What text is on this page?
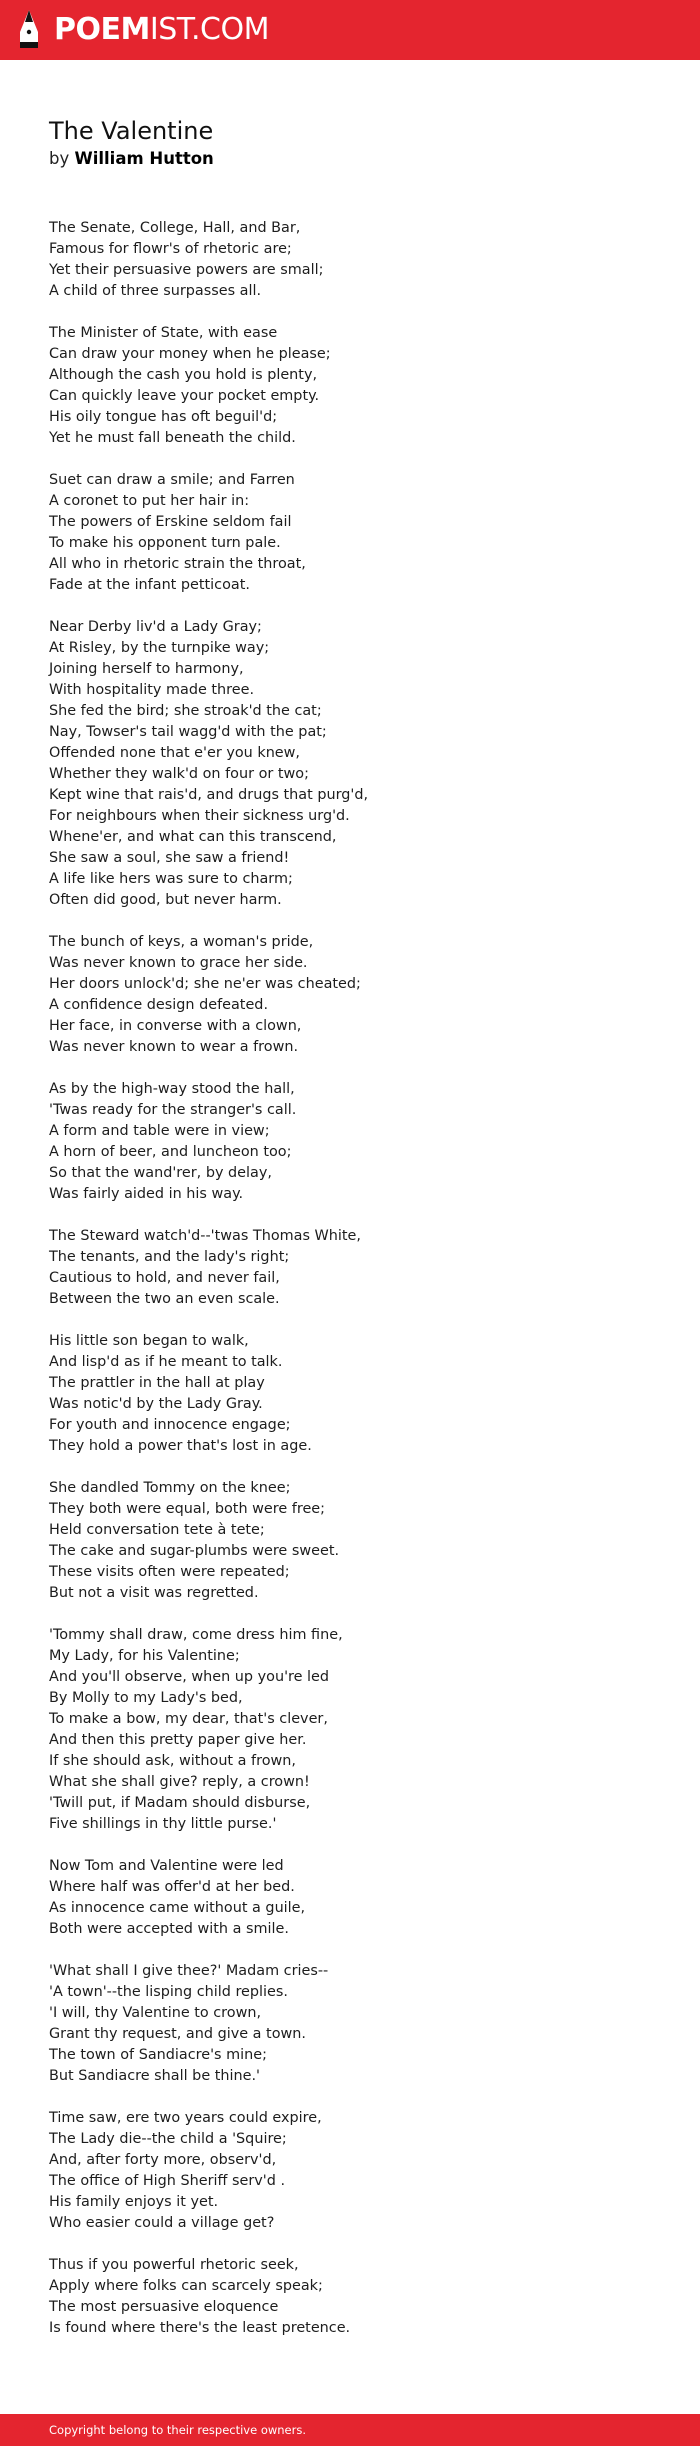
POEMIST.COM
The Valentine
by William Hutton
The Senate, College, Hall, and Bar,
Famous for flowr's of rhetoric are;
Yet their persuasive powers are small;
A child of three surpasses all.
The Minister of State, with ease
Can draw your money when he please;
Although the cash you hold is plenty,
Can quickly leave your pocket empty.
His oily tongue has oft beguil'd;
Yet he must fall beneath the child.
Suet can draw a smile; and Farren
A coronet to put her hair in:
The powers of Erskine seldom fail
To make his opponent turn pale.
All who in rhetoric strain the throat,
Fade at the infant petticoat.
Near Derby liv'd a Lady Gray;
At Risley, by the turnpike way;
Joining herself to harmony,
With hospitality made three.
She fed the bird; she stroak'd the cat;
Nay, Towser's tail wagg'd with the pat;
Offended none that e'er you knew,
Whether they walk'd on four or two;
Kept wine that rais'd, and drugs that purg'd,
For neighbours when their sickness urg'd.
Whene'er, and what can this transcend,
She saw a soul, she saw a friend!
A life like hers was sure to charm;
Often did good, but never harm.
The bunch of keys, a woman's pride,
Was never known to grace her side.
Her doors unlock'd; she ne'er was cheated;
A confidence design defeated.
Her face, in converse with a clown,
Was never known to wear a frown.
As by the high-way stood the hall,
'Twas ready for the stranger's call.
A form and table were in view;
A horn of beer, and luncheon too;
So that the wand'rer, by delay,
Was fairly aided in his way.
The Steward watch'd--'twas Thomas White,
The tenants, and the lady's right;
Cautious to hold, and never fail,
Between the two an even scale.
His little son began to walk,
And lisp'd as if he meant to talk.
The prattler in the hall at play
Was notic'd by the Lady Gray.
For youth and innocence engage;
They hold a power that's lost in age.
She dandled Tommy on the knee;
They both were equal, both were free;
Held conversation tete à tete;
The cake and sugar-plumbs were sweet.
These visits often were repeated;
But not a visit was regretted.
'Tommy shall draw, come dress him fine,
My Lady, for his Valentine;
And you'll observe, when up you're led
By Molly to my Lady's bed,
To make a bow, my dear, that's clever,
And then this pretty paper give her.
If she should ask, without a frown,
What she shall give? reply, a crown!
'Twill put, if Madam should disburse,
Five shillings in thy little purse.'
Now Tom and Valentine were led
Where half was offer'd at her bed.
As innocence came without a guile,
Both were accepted with a smile.
'What shall I give thee?' Madam cries--
'A town'--the lisping child replies.
'I will, thy Valentine to crown,
Grant thy request, and give a town.
The town of Sandiacre's mine;
But Sandiacre shall be thine.'
Time saw, ere two years could expire,
The Lady die--the child a 'Squire;
And, after forty more, observ'd,
The office of High Sheriff serv'd .
His family enjoys it yet.
Who easier could a village get?
Thus if you powerful rhetoric seek,
Apply where folks can scarcely speak;
The most persuasive eloquence
Is found where there's the least pretence.
Copyright belong to their respective owners.
